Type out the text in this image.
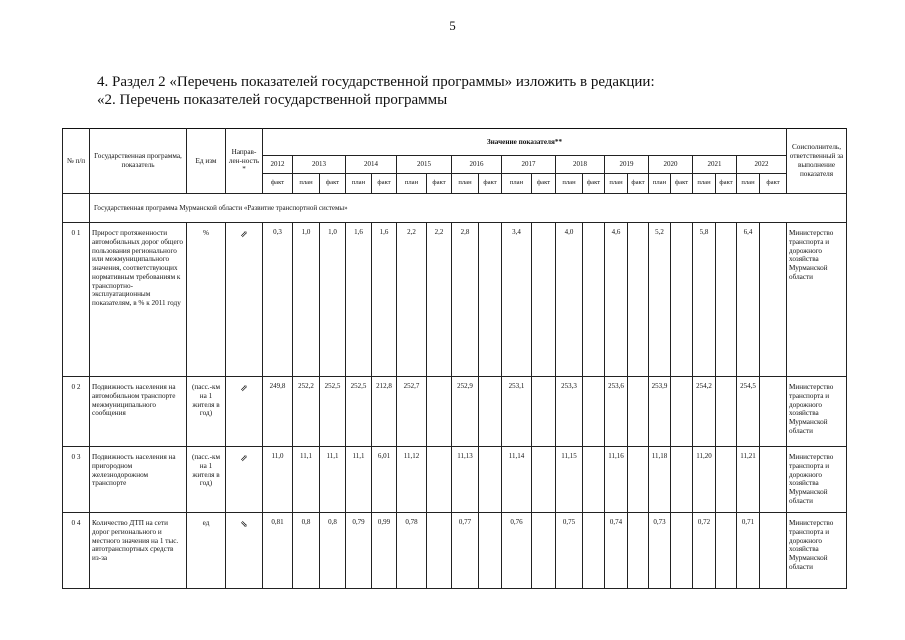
5
4. Раздел 2 «Перечень показателей государственной программы» изложить в редакции:
«2. Перечень показателей государственной программы
№ п/п	Государственная программа, показатель	Ед изм	Направ-лен-ность *	Значение показателя**																					Соисполнитель, ответственный за выполнение показателя
				2012	2013		2014		2015		2016		2017		2018		2019		2020		2021		2022		
				факт	план	факт	план	факт	план	факт	план	факт	план	факт	план	факт	план	факт	план	факт	план	факт	план	факт	
	Государственная программа Мурманской области «Развитие транспортной системы»																								
0 1	Прирост протяженности автомобильных дорог общего пользования регионального или межмуниципального значения, соответствующих нормативным требованиям к транспортно-эксплуатационным показателям, в % к 2011 году	%	⇗	0,3	1,0	1,0	1,6	1,6	2,2	2,2	2,8		3,4		4,0		4,6		5,2		5,8		6,4		Министерство транспорта и дорожного хозяйства Мурманской области
0 2	Подвижность населения на автомобильном транспорте межмуниципального сообщения	(пасс.-км на 1 жителя в год)	⇗	249,8	252,2	252,5	252,5	212,8	252,7		252,9		253,1		253,3		253,6		253,9		254,2		254,5		Министерство транспорта и дорожного хозяйства Мурманской области
0 3	Подвижность населения на пригородном железнодорожном транспорте	(пасс.-км на 1 жителя в год)	⇗	11,0	11,1	11,1	11,1	6,01	11,12		11,13		11,14		11,15		11,16		11,18		11,20		11,21		Министерство транспорта и дорожного хозяйства Мурманской области
0 4	Количество ДТП на сети дорог регионального и местного значения на 1 тыс. автотранспортных средств из-за	ед	⇘	0,81	0,8	0,8	0,79	0,99	0,78		0,77		0,76		0,75		0,74		0,73		0,72		0,71		Министерство транспорта и дорожного хозяйства Мурманской области
